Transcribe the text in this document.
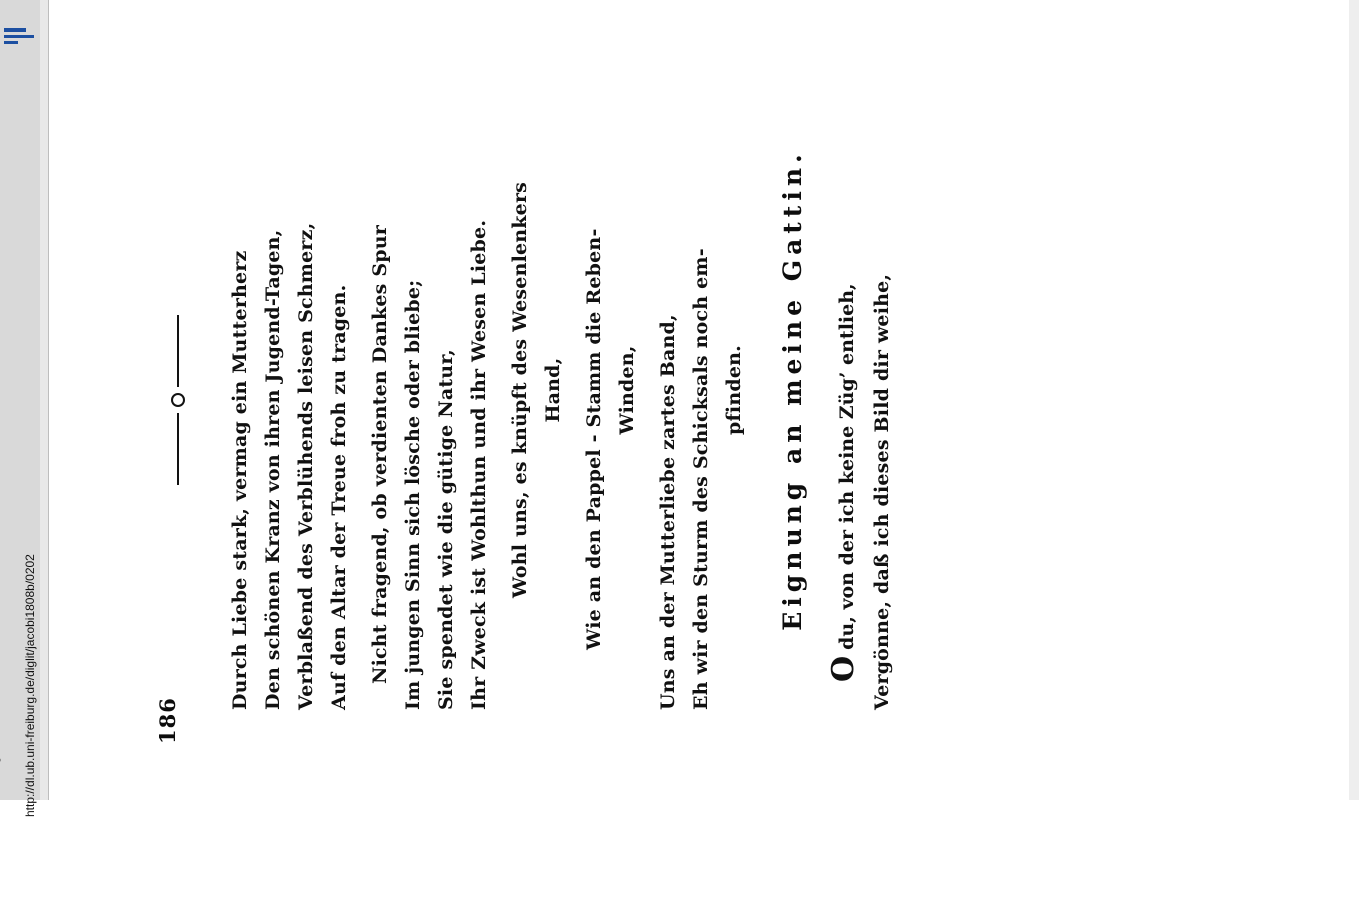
http://dl.ub.uni-freiburg.de/diglit/jacobi1808b/0202	186
Durch Liebe stark, vermag ein Mutterherz Den schönen Kranz von ihren Jugend-Tagen, Verblaßend des Verblühends leisen Schmerz, Auf den Altar der Treue froh zu tragen. Nicht fragend, ob verdienten Dankes Spur Im jungen Sinn sich lösche oder bliebe; Sie spendet wie die gütige Natur, Ihr Zweck ist Wohlthun und ihr Wesen Liebe. Wohl uns, es knüpft des Wesenlenkers Hand, Wie an den Pappel - Stamm die Reben- Winden, Uns an der Mutterliebe zartes Band, Eh wir den Sturm des Schicksals noch em- pfinden. Eignung an meine Gattin.
Odu, von der ich keine Züg’ entlieh, Vergönne, daß ich dieses Bild dir weihe,
